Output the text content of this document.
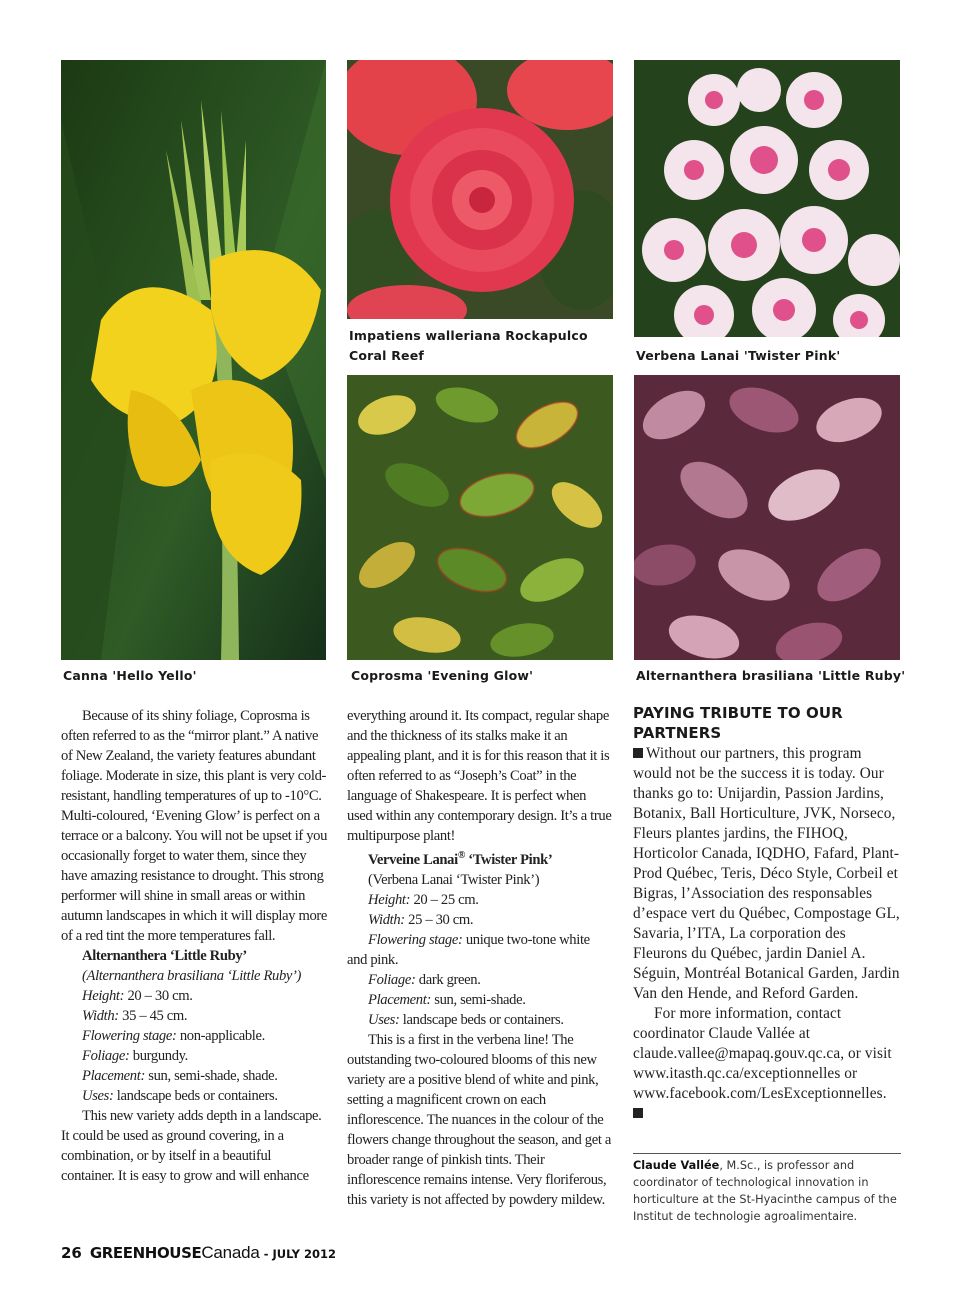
Canna 'Hello Yello'
Impatiens walleriana Rockapulco
Coral Reef	Verbena Lanai 'Twister Pink'
Coprosma 'Evening Glow'	Alternanthera brasiliana 'Little Ruby'

Because of its shiny foliage, Coprosma is often referred to as the “mirror plant.” A native of New Zealand, the variety features abundant foliage. Moderate in size, this plant is very cold-resistant, handling temperatures of up to -10°C. Multi-coloured, ‘Evening Glow’ is perfect on a terrace or a balcony. You will not be upset if you occasionally forget to water them, since they have amazing resistance to drought. This strong performer will shine in small areas or within autumn landscapes in which it will display more of a red tint the more temperatures fall.

Alternanthera ‘Little Ruby’

(Alternanthera brasiliana ‘Little Ruby’)

Height: 20 – 30 cm.

Width: 35 – 45 cm.

Flowering stage: non-applicable.

Foliage: burgundy.

Placement: sun, semi-shade, shade.

Uses: landscape beds or containers.

This new variety adds depth in a landscape. It could be used as ground covering, in a combination, or by itself in a beautiful container. It is easy to grow and will enhance

everything around it. Its compact, regular shape and the thickness of its stalks make it an appealing plant, and it is for this reason that it is often referred to as “Joseph’s Coat” in the language of Shakespeare. It is perfect when used within any contemporary design. It’s a true multipurpose plant!

Verveine Lanai® ‘Twister Pink’

(Verbena Lanai ‘Twister Pink’)

Height: 20 – 25 cm.

Width: 25 – 30 cm.

Flowering stage: unique two-tone white and pink.

Foliage: dark green.

Placement: sun, semi-shade.

Uses: landscape beds or containers.

This is a first in the verbena line! The outstanding two-coloured blooms of this new variety are a positive blend of white and pink, setting a magnificent crown on each inflorescence. The nuances in the colour of the flowers change throughout the season, and get a broader range of pinkish tints. Their inflorescence remains intense. Very floriferous, this variety is not affected by powdery mildew.

PAYING TRIBUTE TO OUR PARTNERS

Without our partners, this program would not be the success it is today. Our thanks go to: Unijardin, Passion Jardins, Botanix, Ball Horticulture, JVK, Norseco, Fleurs plantes jardins, the FIHOQ, Horticolor Canada, IQDHO, Fafard, Plant-Prod Québec, Teris, Déco Style, Corbeil et Bigras, l’Association des responsables d’espace vert du Québec, Compostage GL, Savaria, l’ITA, La corporation des Fleurons du Québec, jardin Daniel A. Séguin, Montréal Botanical Garden, Jardin Van den Hende, and Reford Garden.

For more information, contact coordinator Claude Vallée at claude.vallee@mapaq.gouv.qc.ca, or visit www.itasth.qc.ca/exceptionnelles or www.facebook.com/LesExceptionnelles.

Claude Vallée, M.Sc., is professor and coordinator of technological innovation in horticulture at the St-Hyacinthe campus of the Institut de technologie agroalimentaire.
26 GREENHOUSECanada - JULY 2012
